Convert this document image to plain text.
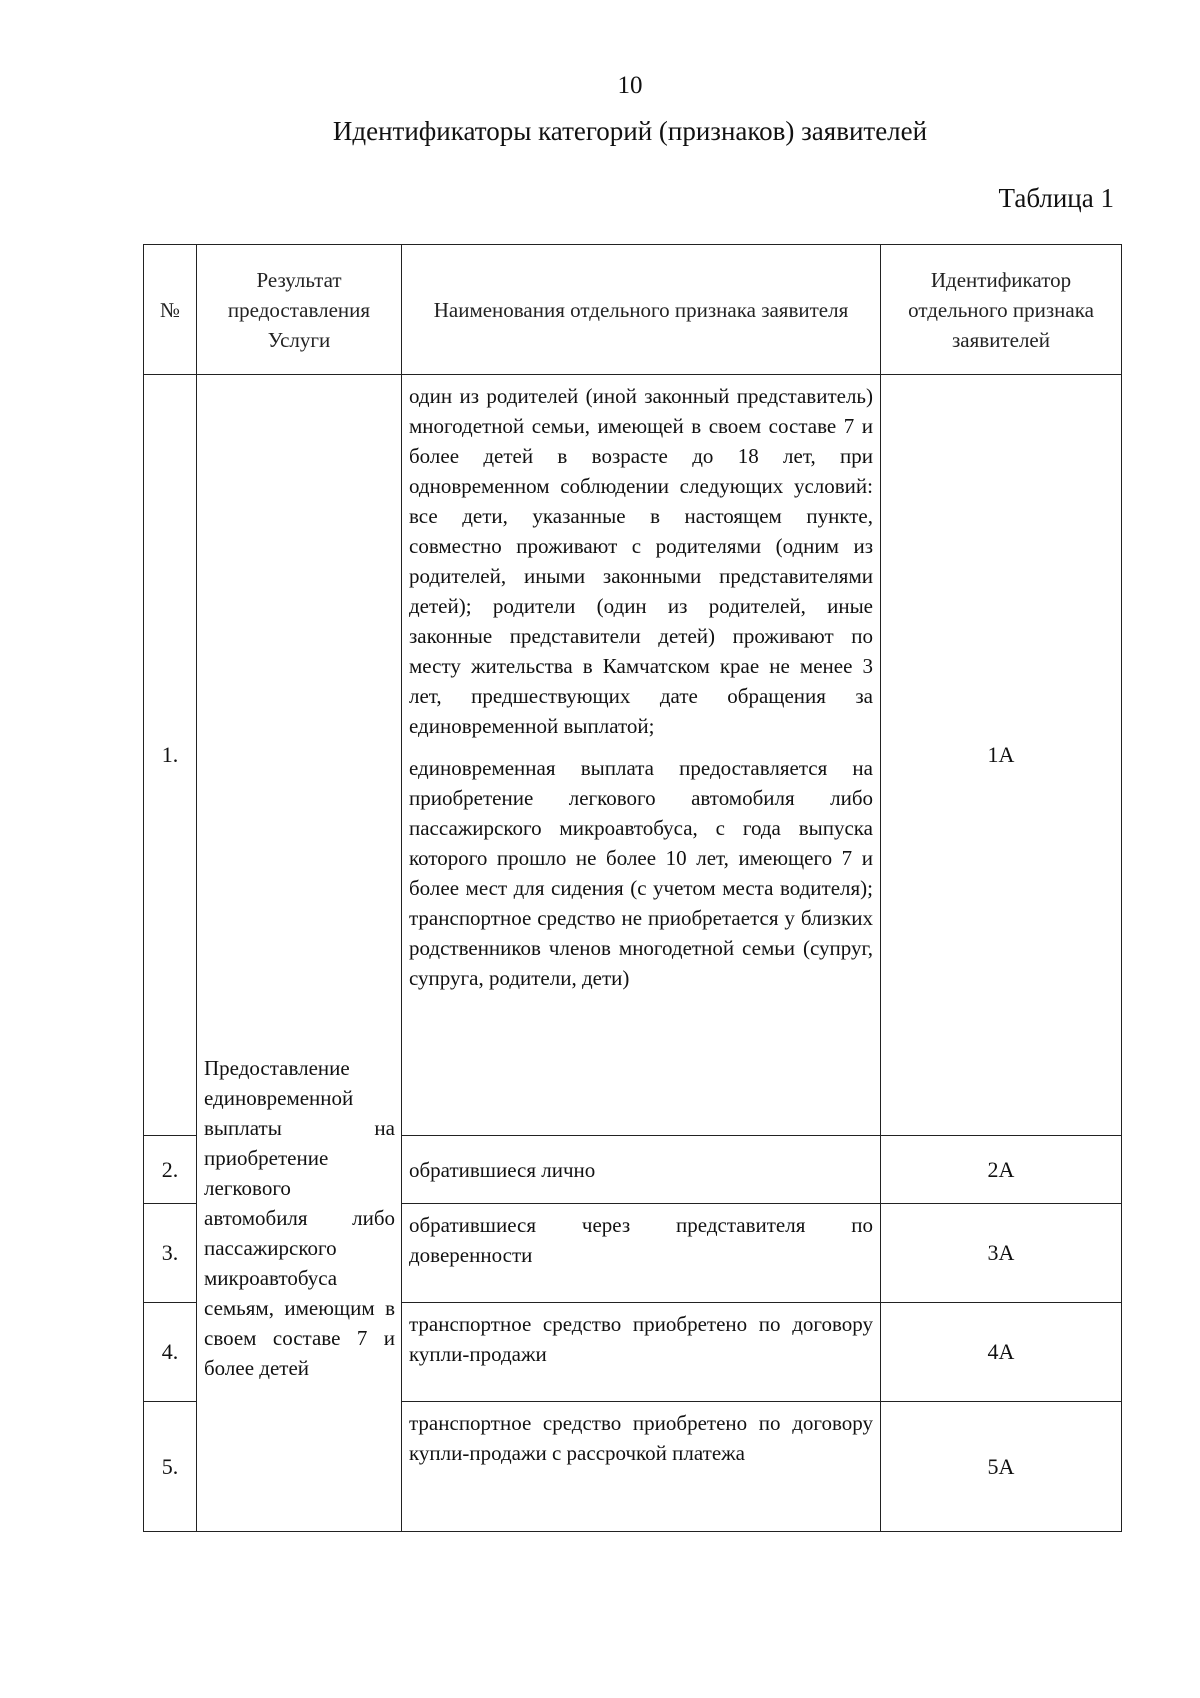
10
Идентификаторы категорий (признаков) заявителей
Таблица 1
№	Результат предоставления Услуги	Наименования отдельного признака заявителя	Идентификатор отдельного признака заявителей

1.	Предоставление единовременной выплаты на приобретение легкового автомобиля либо пассажирского микроавтобуса семьям, имеющим в своем составе 7 и более детей	один из родителей (иной законный представитель) многодетной семьи, имеющей в своем составе 7 и более детей в возрасте до 18 лет, при одновременном соблюдении следующих условий: все дети, указанные в настоящем пункте, совместно проживают с родителями (одним из родителей, иными законными представителями детей); родители (один из родителей, иные законные представители детей) проживают по месту жительства в Камчатском крае не менее 3 лет, предшествующих дате обращения за единовременной выплатой;
единовременная выплата предоставляется на приобретение легкового автомобиля либо пассажирского микроавтобуса, с года выпуска которого прошло не более 10 лет, имеющего 7 и более мест для сидения (с учетом места водителя); транспортное средство не приобретается у близких родственников членов многодетной семьи (супруг, супруга, родители, дети)	1А
2.		обратившиеся лично	2А
3.		обратившиеся через представителя по доверенности	3А
4.		транспортное средство приобретено по договору купли-продажи	4А
5.		транспортное средство приобретено по договору купли-продажи с рассрочкой платежа	5А
